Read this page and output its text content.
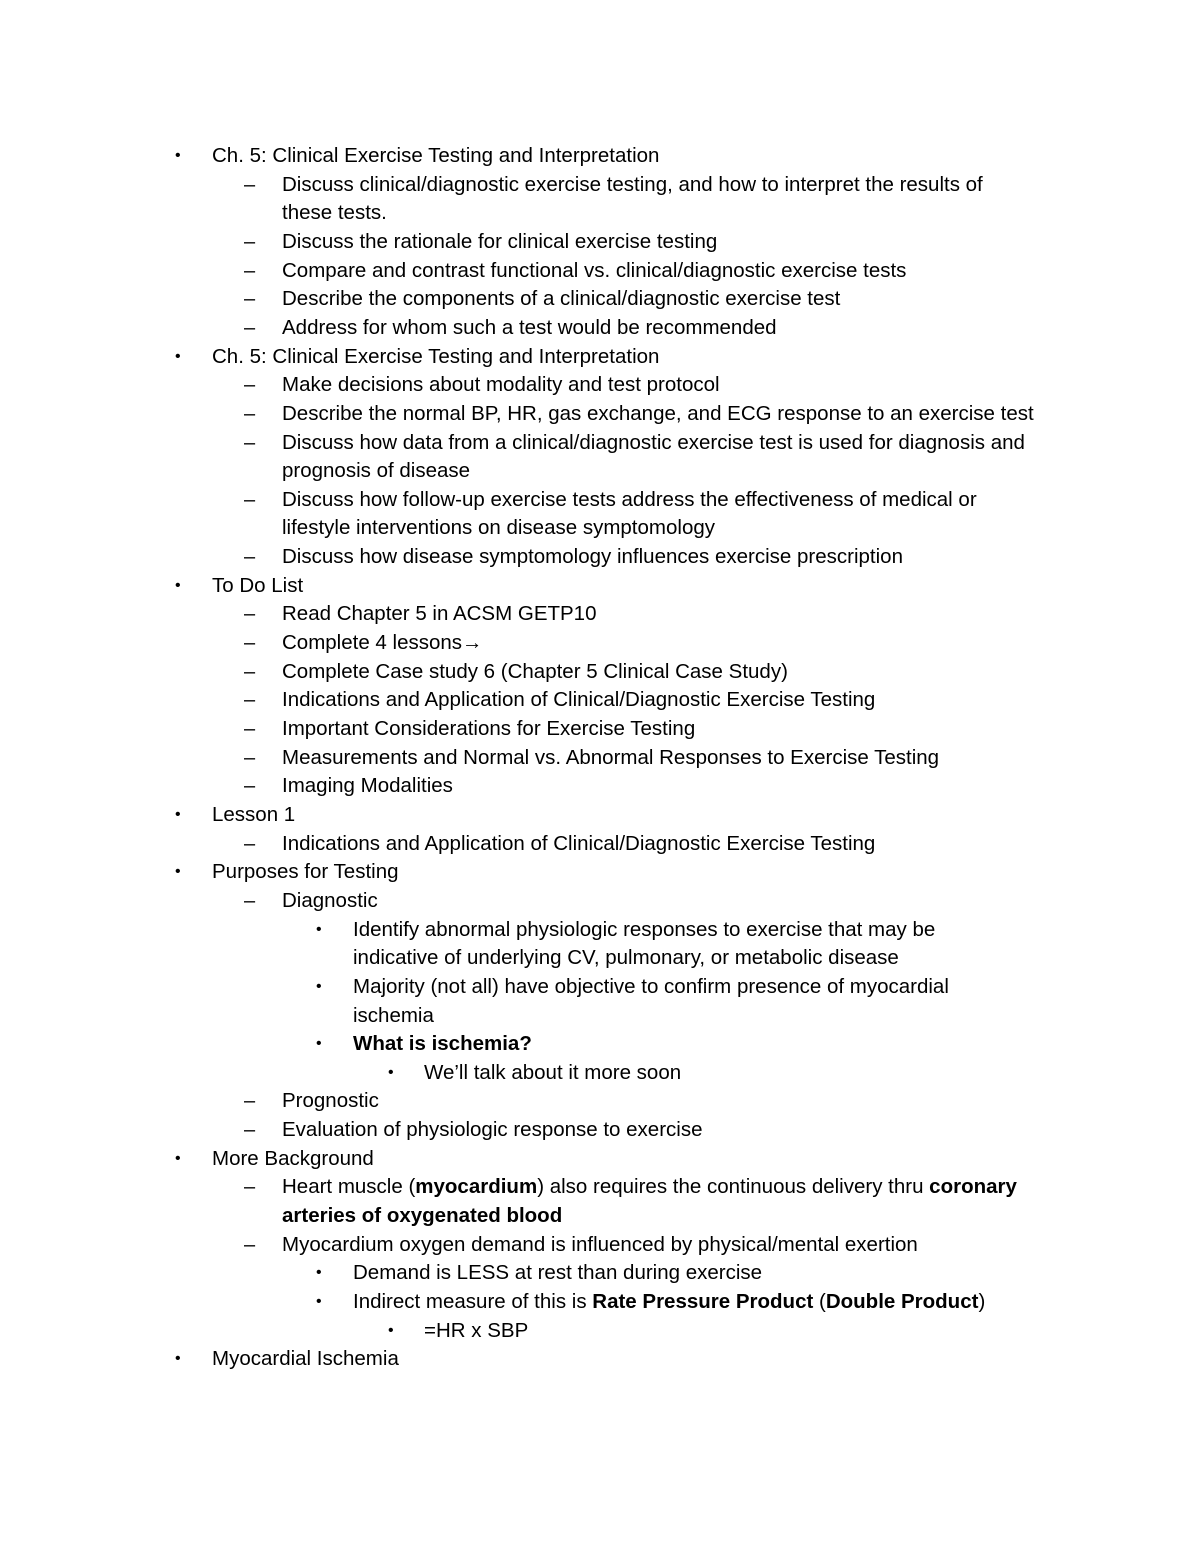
• Ch. 5: Clinical Exercise Testing and Interpretation
– Discuss clinical/diagnostic exercise testing, and how to interpret the results of
these tests.
– Discuss the rationale for clinical exercise testing
– Compare and contrast functional vs. clinical/diagnostic exercise tests
– Describe the components of a clinical/diagnostic exercise test
– Address for whom such a test would be recommended
• Ch. 5: Clinical Exercise Testing and Interpretation
– Make decisions about modality and test protocol
– Describe the normal BP, HR, gas exchange, and ECG response to an exercise test
– Discuss how data from a clinical/diagnostic exercise test is used for diagnosis and
prognosis of disease
– Discuss how follow-up exercise tests address the effectiveness of medical or
lifestyle interventions on disease symptomology
– Discuss how disease symptomology influences exercise prescription
• To Do List
– Read Chapter 5 in ACSM GETP10
– Complete 4 lessons→
– Complete Case study 6 (Chapter 5 Clinical Case Study)
– Indications and Application of Clinical/Diagnostic Exercise Testing
– Important Considerations for Exercise Testing
– Measurements and Normal vs. Abnormal Responses to Exercise Testing
– Imaging Modalities
• Lesson 1
– Indications and Application of Clinical/Diagnostic Exercise Testing
• Purposes for Testing
– Diagnostic
• Identify abnormal physiologic responses to exercise that may be
indicative of underlying CV, pulmonary, or metabolic disease
• Majority (not all) have objective to confirm presence of myocardial
ischemia
• What is ischemia?
• We’ll talk about it more soon
– Prognostic
– Evaluation of physiologic response to exercise
• More Background
– Heart muscle (myocardium) also requires the continuous delivery thru coronary
arteries of oxygenated blood
– Myocardium oxygen demand is influenced by physical/mental exertion
• Demand is LESS at rest than during exercise
• Indirect measure of this is Rate Pressure Product (Double Product)
• =HR x SBP
• Myocardial Ischemia
